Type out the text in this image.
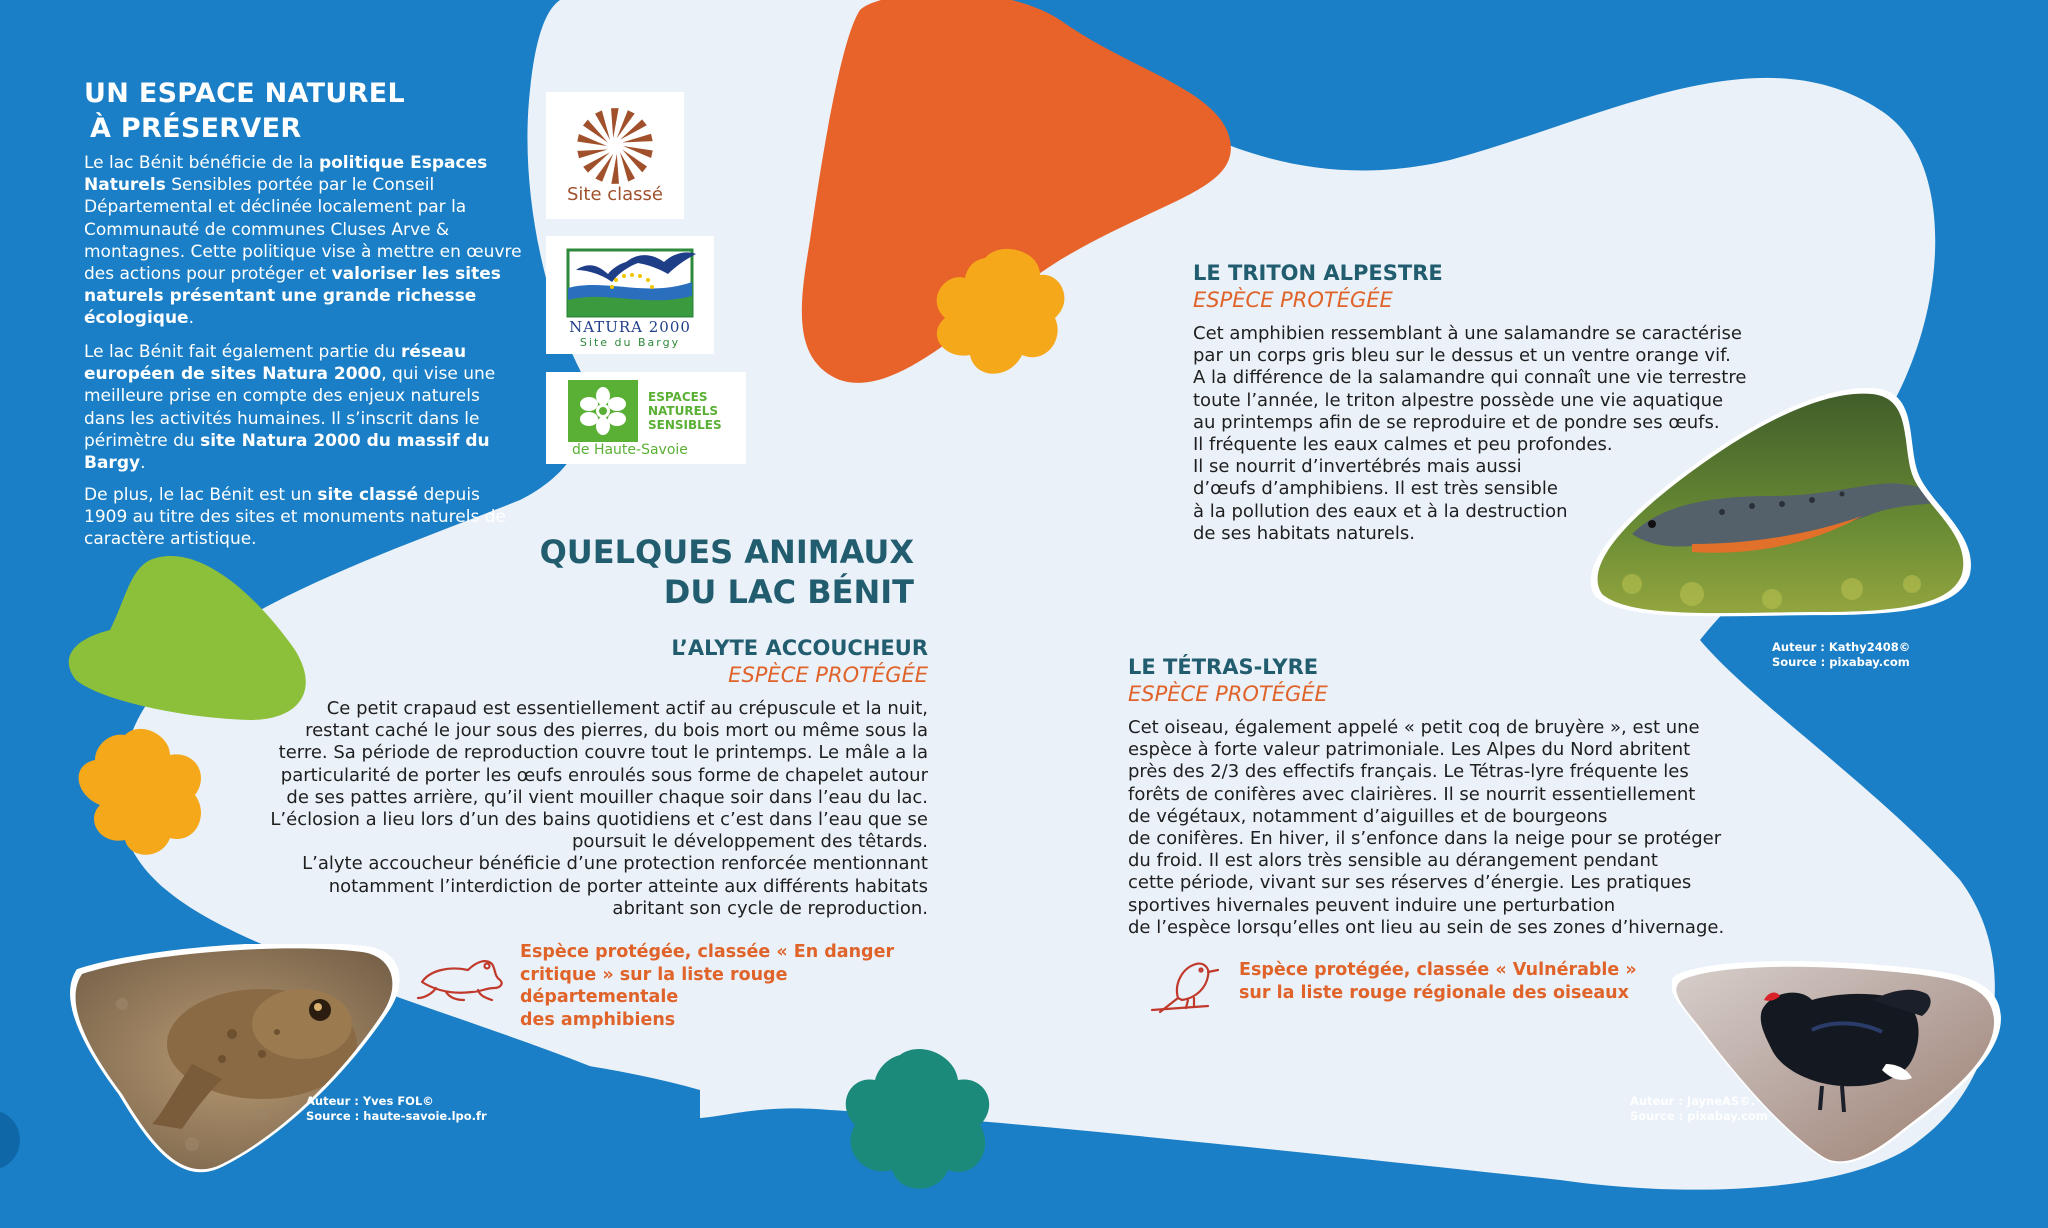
UN ESPACE NATUREL
À PRÉSERVER
Le lac Bénit bénéficie de la politique Espaces Naturels Sensibles portée par le Conseil Départemental et déclinée localement par la Communauté de communes Cluses Arve & montagnes. Cette politique vise à mettre en œuvre des actions pour protéger et valoriser les sites naturels présentant une grande richesse écologique.
Le lac Bénit fait également partie du réseau européen de sites Natura 2000, qui vise une meilleure prise en compte des enjeux naturels dans les activités humaines. Il s’inscrit dans le périmètre du site Natura 2000 du massif du Bargy.
De plus, le lac Bénit est un site classé depuis 1909 au titre des sites et monuments naturels de caractère artistique.
Site classé
NATURA 2000
Site du Bargy
ESPACES
NATURELS
SENSIBLES
de Haute-Savoie
QUELQUES ANIMAUX
DU LAC BÉNIT
L’ALYTE ACCOUCHEUR
ESPÈCE PROTÉGÉE
Ce petit crapaud est essentiellement actif au crépuscule et la nuit,
restant caché le jour sous des pierres, du bois mort ou même sous la
terre. Sa période de reproduction couvre tout le printemps. Le mâle a la
particularité de porter les œufs enroulés sous forme de chapelet autour
de ses pattes arrière, qu’il vient mouiller chaque soir dans l’eau du lac.
L’éclosion a lieu lors d’un des bains quotidiens et c’est dans l’eau que se
poursuit le développement des têtards.
L’alyte accoucheur bénéficie d’une protection renforcée mentionnant
notamment l’interdiction de porter atteinte aux différents habitats
abritant son cycle de reproduction.
Espèce protégée, classée « En danger
critique » sur la liste rouge départementale
des amphibiens
Auteur : Yves FOL©
Source : haute-savoie.lpo.fr
LE TRITON ALPESTRE
ESPÈCE PROTÉGÉE
Cet amphibien ressemblant à une salamandre se caractérise
par un corps gris bleu sur le dessus et un ventre orange vif.
A la différence de la salamandre qui connaît une vie terrestre
toute l’année, le triton alpestre possède une vie aquatique
au printemps afin de se reproduire et de pondre ses œufs.
Il fréquente les eaux calmes et peu profondes.
Il se nourrit d’invertébrés mais aussi
d’œufs d’amphibiens. Il est très sensible
à la pollution des eaux et à la destruction
de ses habitats naturels.
Auteur : Kathy2408©
Source : pixabay.com
LE TÉTRAS-LYRE
ESPÈCE PROTÉGÉE
Cet oiseau, également appelé « petit coq de bruyère », est une
espèce à forte valeur patrimoniale. Les Alpes du Nord abritent
près des 2/3 des effectifs français. Le Tétras-lyre fréquente les
forêts de conifères avec clairières. Il se nourrit essentiellement
de végétaux, notamment d’aiguilles et de bourgeons
de conifères. En hiver, il s’enfonce dans la neige pour se protéger
du froid. Il est alors très sensible au dérangement pendant
cette période, vivant sur ses réserves d’énergie. Les pratiques
sportives hivernales peuvent induire une perturbation
de l’espèce lorsqu’elles ont lieu au sein de ses zones d’hivernage.
Espèce protégée, classée « Vulnérable »
sur la liste rouge régionale des oiseaux
Auteur : JayneAS©.
Source : pixabay.com
